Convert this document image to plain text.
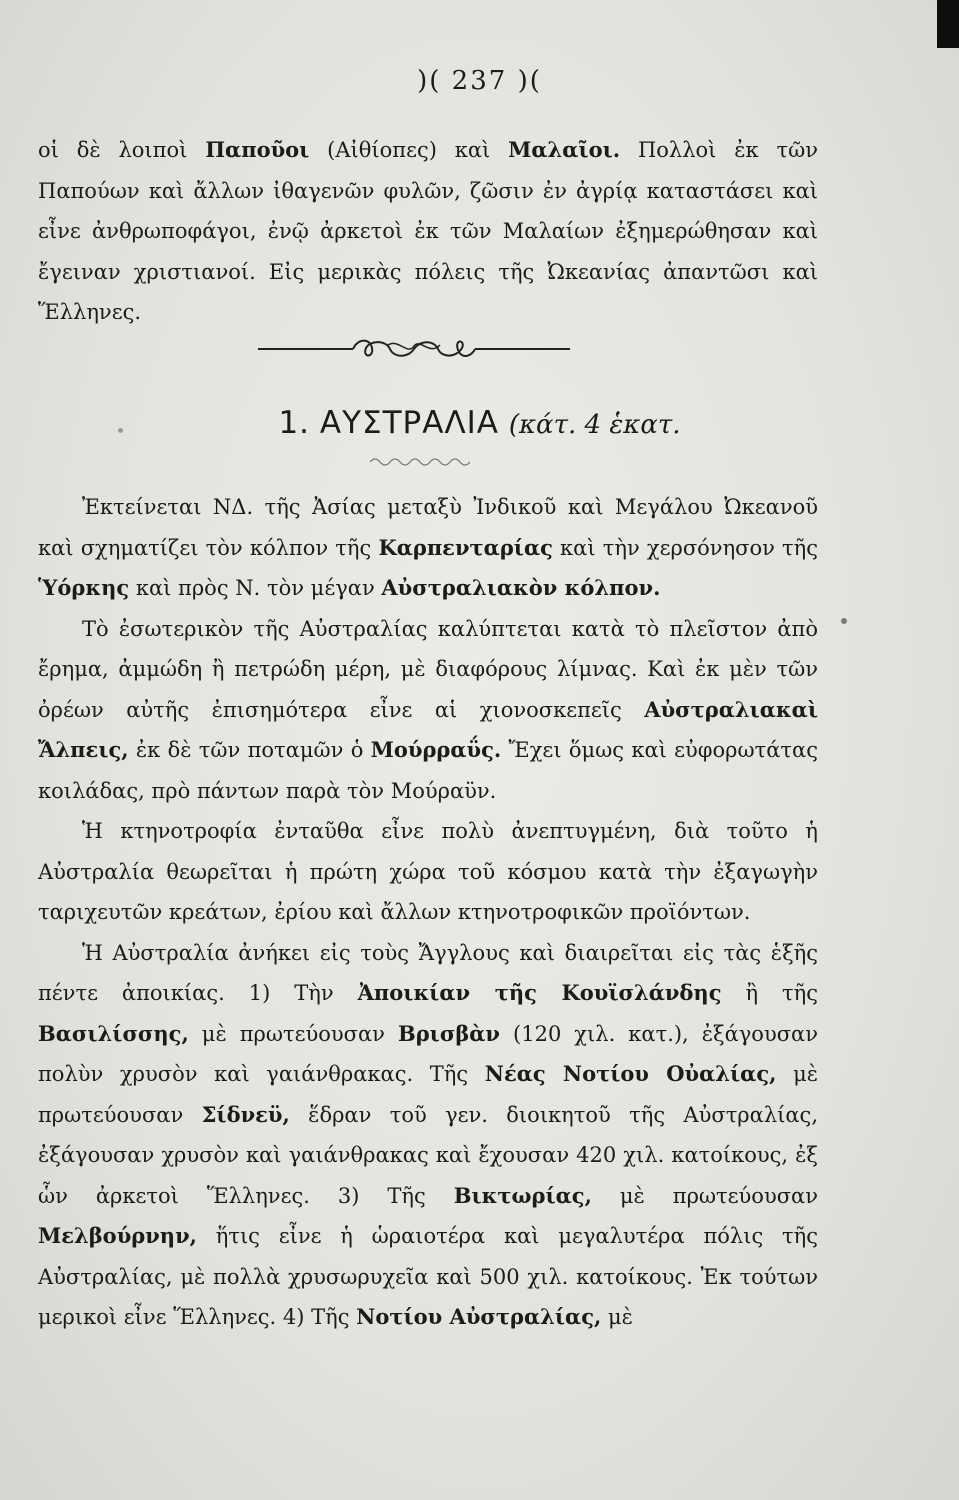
)( 237 )(

οἱ δὲ λοιποὶ Παποῦοι (Αἰθίοπες) καὶ Μαλαῖοι. Πολλοὶ ἐκ τῶν Παπούων καὶ ἄλλων ἰθαγενῶν φυλῶν, ζῶσιν ἐν ἀγρίᾳ καταστάσει καὶ εἶνε ἀνθρωποφάγοι, ἐνῷ ἀρκετοὶ ἐκ τῶν Μαλαίων ἐξημερώθησαν καὶ ἔγειναν χριστιανοί. Εἰς μερικὰς πόλεις τῆς Ὠκεανίας ἀπαντῶσι καὶ Ἕλληνες.

1. ΑΥΣΤΡΑΛΙΑ (κάτ. 4 ἑκατ.

Ἐκτείνεται ΝΔ. τῆς Ἀσίας μεταξὺ Ἰνδικοῦ καὶ Μεγάλου Ὠκεανοῦ καὶ σχηματίζει τὸν κόλπον τῆς Καρπενταρίας καὶ τὴν χερσόνησον τῆς Ὑόρκης καὶ πρὸς Ν. τὸν μέγαν Αὐστραλιακὸν κόλπον.

Τὸ ἐσωτερικὸν τῆς Αὐστραλίας καλύπτεται κατὰ τὸ πλεῖστον ἀπὸ ἔρημα, ἀμμώδη ἢ πετρώδη μέρη, μὲ διαφόρους λίμνας. Καὶ ἐκ μὲν τῶν ὀρέων αὐτῆς ἐπισημότερα εἶνε αἱ χιονοσκεπεῖς Αὐστραλιακαὶ Ἄλπεις, ἐκ δὲ τῶν ποταμῶν ὁ Μούρραΰς. Ἔχει ὅμως καὶ εὐφορωτάτας κοιλάδας, πρὸ πάντων παρὰ τὸν Μούραϋν.

Ἡ κτηνοτροφία ἐνταῦθα εἶνε πολὺ ἀνεπτυγμένη, διὰ τοῦτο ἡ Αὐστραλία θεωρεῖται ἡ πρώτη χώρα τοῦ κόσμου κατὰ τὴν ἐξαγωγὴν ταριχευτῶν κρεάτων, ἐρίου καὶ ἄλλων κτηνοτροφικῶν προϊόντων.

Ἡ Αὐστραλία ἀνήκει εἰς τοὺς Ἄγγλους καὶ διαιρεῖται εἰς τὰς ἑξῆς πέντε ἀποικίας. 1) Τὴν Ἀποικίαν τῆς Κουϊσλάνδης ἢ τῆς Βασιλίσσης, μὲ πρωτεύουσαν Βρισβὰν (120 χιλ. κατ.), ἐξάγουσαν πολὺν χρυσὸν καὶ γαιάνθρακας. Τῆς Νέας Νοτίου Οὐαλίας, μὲ πρωτεύουσαν Σίδνεϋ, ἕδραν τοῦ γεν. διοικητοῦ τῆς Αὐστραλίας, ἐξάγουσαν χρυσὸν καὶ γαιάνθρακας καὶ ἔχουσαν 420 χιλ. κατοίκους, ἐξ ὧν ἀρκετοὶ Ἕλληνες. 3) Τῆς Βικτωρίας, μὲ πρωτεύουσαν Μελβούρνην, ἥτις εἶνε ἡ ὡραιοτέρα καὶ μεγαλυτέρα πόλις τῆς Αὐστραλίας, μὲ πολλὰ χρυσωρυχεῖα καὶ 500 χιλ. κατοίκους. Ἐκ τούτων μερικοὶ εἶνε Ἕλληνες. 4) Τῆς Νοτίου Αὐστραλίας, μὲ
